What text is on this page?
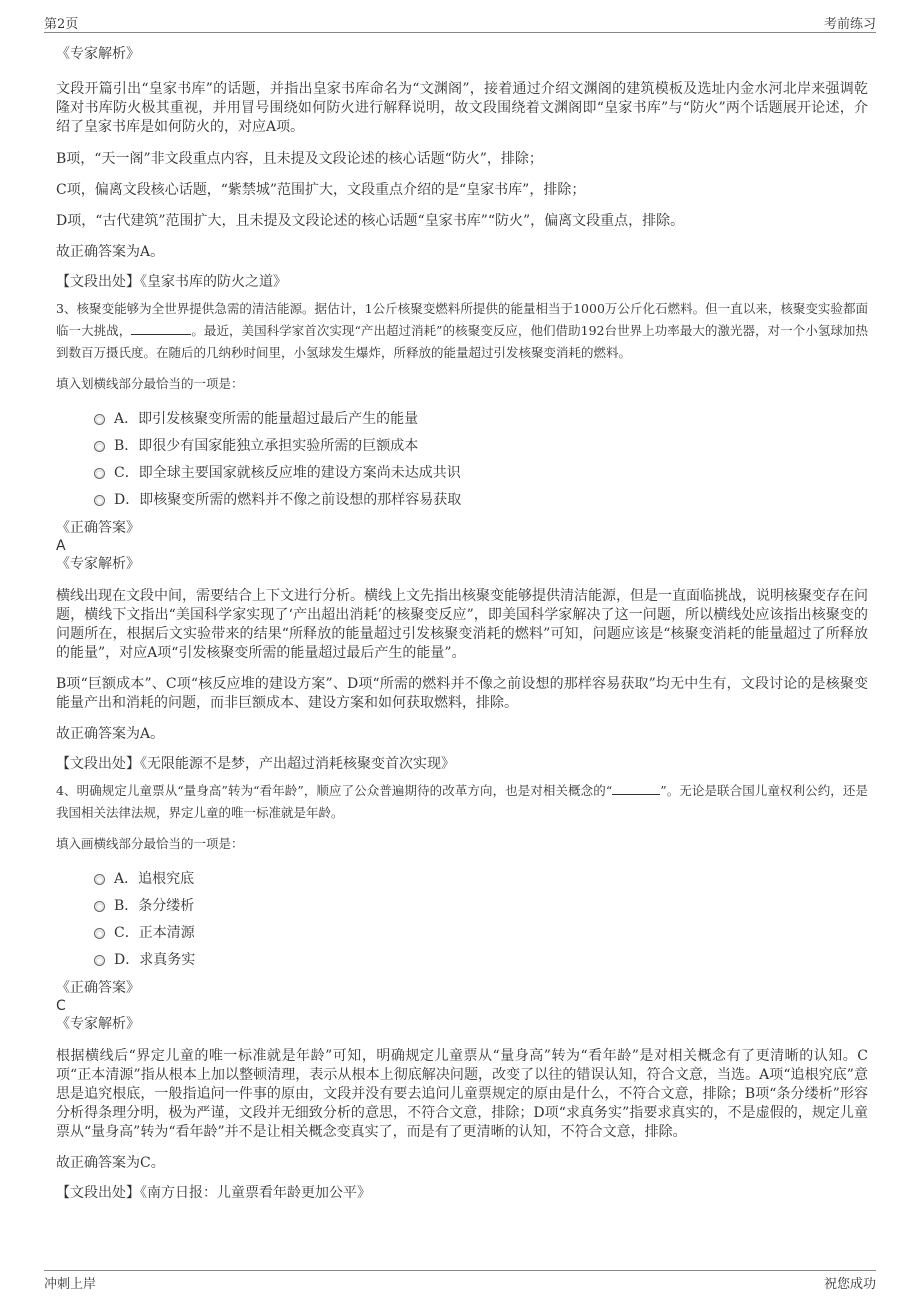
第2页	考前练习

《专家解析》

文段开篇引出“皇家书库”的话题，并指出皇家书库命名为“文渊阁”，接着通过介绍文渊阁的建筑模板及选址内金水河北岸来强调乾隆对书库防火极其重视，并用冒号围绕如何防火进行解释说明，故文段围绕着文渊阁即“皇家书库”与“防火”两个话题展开论述，介绍了皇家书库是如何防火的，对应A项。

B项，“天一阁”非文段重点内容，且未提及文段论述的核心话题“防火”，排除；

C项，偏离文段核心话题，“紫禁城”范围扩大，文段重点介绍的是“皇家书库”，排除；

D项，“古代建筑”范围扩大，且未提及文段论述的核心话题“皇家书库”“防火”，偏离文段重点，排除。

故正确答案为A。

【文段出处】《皇家书库的防火之道》

3、核聚变能够为全世界提供急需的清洁能源。据估计，1公斤核聚变燃料所提供的能量相当于1000万公斤化石燃料。但一直以来，核聚变实验都面临一大挑战，	。最近，美国科学家首次实现“产出超过消耗”的核聚变反应，他们借助192台世界上功率最大的激光器，对一个小氢球加热到数百万摄氏度。在随后的几纳秒时间里，小氢球发生爆炸，所释放的能量超过引发核聚变消耗的燃料。

填入划横线部分最恰当的一项是：

A．即引发核聚变所需的能量超过最后产生的能量
B．即很少有国家能独立承担实验所需的巨额成本
C．即全球主要国家就核反应堆的建设方案尚未达成共识
D．即核聚变所需的燃料并不像之前设想的那样容易获取

《正确答案》

A

《专家解析》

横线出现在文段中间，需要结合上下文进行分析。横线上文先指出核聚变能够提供清洁能源，但是一直面临挑战，说明核聚变存在问题，横线下文指出“美国科学家实现了‘产出超出消耗’的核聚变反应”，即美国科学家解决了这一问题，所以横线处应该指出核聚变的问题所在，根据后文实验带来的结果“所释放的能量超过引发核聚变消耗的燃料”可知，问题应该是“核聚变消耗的能量超过了所释放的能量”，对应A项“引发核聚变所需的能量超过最后产生的能量”。

B项“巨额成本”、C项“核反应堆的建设方案”、D项“所需的燃料并不像之前设想的那样容易获取”均无中生有，文段讨论的是核聚变能量产出和消耗的问题，而非巨额成本、建设方案和如何获取燃料，排除。

故正确答案为A。

【文段出处】《无限能源不是梦，产出超过消耗核聚变首次实现》

4、明确规定儿童票从“量身高”转为“看年龄”，顺应了公众普遍期待的改革方向，也是对相关概念的“	”。无论是联合国儿童权利公约，还是我国相关法律法规，界定儿童的唯一标准就是年龄。

填入画横线部分最恰当的一项是：

A．追根究底
B．条分缕析
C．正本清源
D．求真务实

《正确答案》

C

《专家解析》

根据横线后“界定儿童的唯一标准就是年龄”可知，明确规定儿童票从“量身高”转为“看年龄”是对相关概念有了更清晰的认知。C项“正本清源”指从根本上加以整顿清理，表示从根本上彻底解决问题，改变了以往的错误认知，符合文意，当选。A项“追根究底”意思是追究根底，一般指追问一件事的原由，文段并没有要去追问儿童票规定的原由是什么，不符合文意，排除；B项“条分缕析”形容分析得条理分明，极为严谨，文段并无细致分析的意思，不符合文意，排除；D项“求真务实”指要求真实的，不是虚假的，规定儿童票从“量身高”转为“看年龄”并不是让相关概念变真实了，而是有了更清晰的认知，不符合文意，排除。

故正确答案为C。

【文段出处】《南方日报：儿童票看年龄更加公平》

冲刺上岸	祝您成功
